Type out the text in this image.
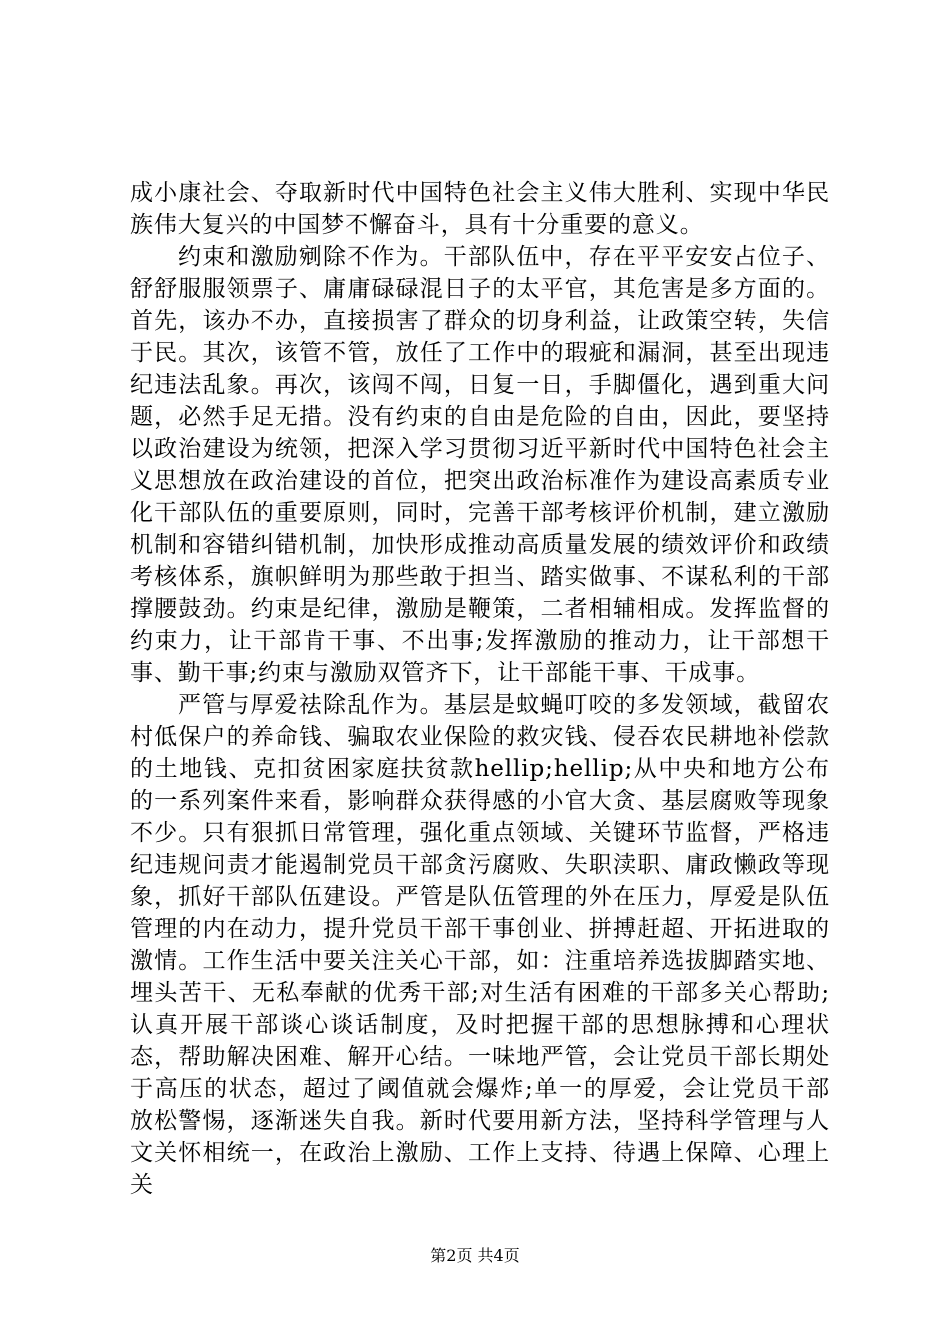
成小康社会、夺取新时代中国特色社会主义伟大胜利、实现中华民族伟大复兴的中国梦不懈奋斗，具有十分重要的意义。

约束和激励剜除不作为。干部队伍中，存在平平安安占位子、舒舒服服领票子、庸庸碌碌混日子的太平官，其危害是多方面的。首先，该办不办，直接损害了群众的切身利益，让政策空转，失信于民。其次，该管不管，放任了工作中的瑕疵和漏洞，甚至出现违纪违法乱象。再次，该闯不闯，日复一日，手脚僵化，遇到重大问题，必然手足无措。没有约束的自由是危险的自由，因此，要坚持以政治建设为统领，把深入学习贯彻习近平新时代中国特色社会主义思想放在政治建设的首位，把突出政治标准作为建设高素质专业化干部队伍的重要原则，同时，完善干部考核评价机制，建立激励机制和容错纠错机制，加快形成推动高质量发展的绩效评价和政绩考核体系，旗帜鲜明为那些敢于担当、踏实做事、不谋私利的干部撑腰鼓劲。约束是纪律，激励是鞭策，二者相辅相成。发挥监督的约束力，让干部肯干事、不出事;发挥激励的推动力，让干部想干事、勤干事;约束与激励双管齐下，让干部能干事、干成事。

严管与厚爱祛除乱作为。基层是蚊蝇叮咬的多发领域，截留农村低保户的养命钱、骗取农业保险的救灾钱、侵吞农民耕地补偿款的土地钱、克扣贫困家庭扶贫款hellip;hellip;从中央和地方公布的一系列案件来看，影响群众获得感的小官大贪、基层腐败等现象不少。只有狠抓日常管理，强化重点领域、关键环节监督，严格违纪违规问责才能遏制党员干部贪污腐败、失职渎职、庸政懒政等现象，抓好干部队伍建设。严管是队伍管理的外在压力，厚爱是队伍管理的内在动力，提升党员干部干事创业、拼搏赶超、开拓进取的激情。工作生活中要关注关心干部，如：注重培养选拔脚踏实地、埋头苦干、无私奉献的优秀干部;对生活有困难的干部多关心帮助;认真开展干部谈心谈话制度，及时把握干部的思想脉搏和心理状态，帮助解决困难、解开心结。一味地严管，会让党员干部长期处于高压的状态，超过了阈值就会爆炸;单一的厚爱，会让党员干部放松警惕，逐渐迷失自我。新时代要用新方法，坚持科学管理与人文关怀相统一，在政治上激励、工作上支持、待遇上保障、心理上关

第2页 共4页
